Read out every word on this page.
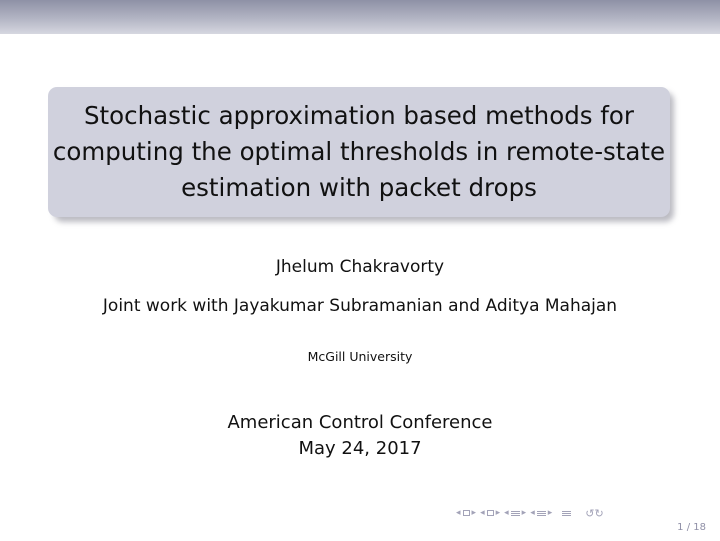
Stochastic approximation based methods for
computing the optimal thresholds in remote-state
estimation with packet drops
Jhelum Chakravorty
Joint work with Jayakumar Subramanian and Aditya Mahajan
McGill University
American Control Conference
May 24, 2017
◂ ▸ ◂ ▸ ◂ ▸ ◂ ▸	↺↻
1 / 18
